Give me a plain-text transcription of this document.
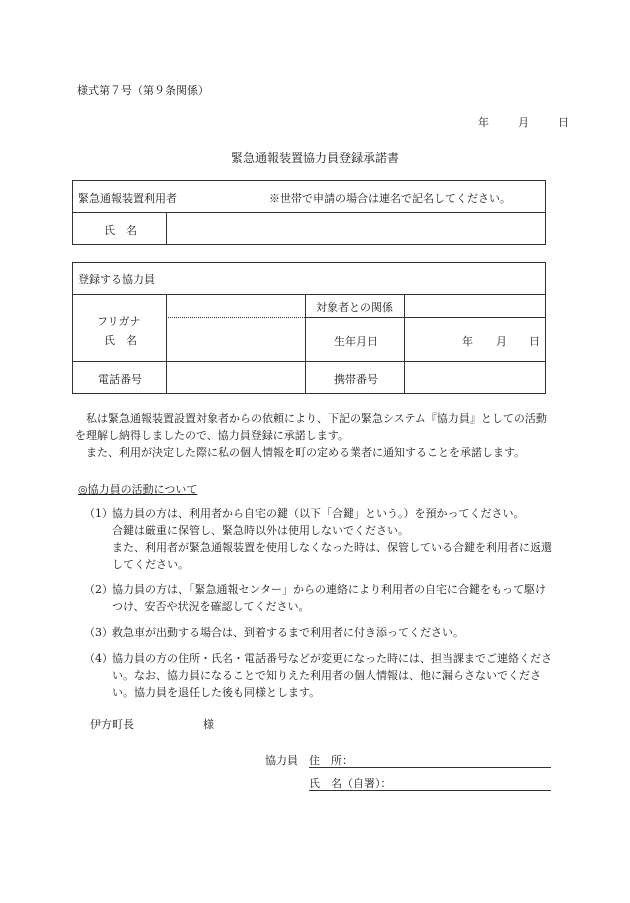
様式第７号（第９条関係）
年	月	日
緊急通報装置協力員登録承諾書
緊急通報装置利用者	※世帯で申請の場合は連名で記名してください。
氏　名
登録する協力員
フリガナ
氏　名
対象者との関係
生年月日	年 月 日
電話番号	携帯番号

私は緊急通報装置設置対象者からの依頼により、下記の緊急システム『協力員』としての活動を理解し納得しましたので、協力員登録に承諾します。

また、利用が決定した際に私の個人情報を町の定める業者に通知することを承諾します。

◎協力員の活動について
（1） 協力員の方は、利用者から自宅の鍵（以下「合鍵」という。）を預かってください。

合鍵は厳重に保管し、緊急時以外は使用しないでください。

また、利用者が緊急通報装置を使用しなくなった時は、保管している合鍵を利用者に返還してください。

（2） 協力員の方は、「緊急通報センター」からの連絡により利用者の自宅に合鍵をもって駆けつけ、安否や状況を確認してください。

（3） 救急車が出動する場合は、到着するまで利用者に付き添ってください。

（4） 協力員の方の住所・氏名・電話番号などが変更になった時には、担当課までご連絡ください。なお、協力員になることで知りえた利用者の個人情報は、他に漏らさないでください。協力員を退任した後も同様とします。

伊方町長	様
協力員 住　所：
氏　名（自署）：
